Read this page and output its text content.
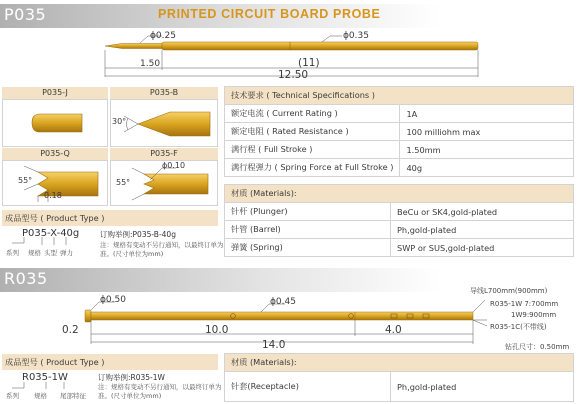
P035	PRINTED CIRCUIT BOARD PROBE
ϕ0.25	ϕ0.35
1.50	(11)
12.50
P035-J	P035-B
P035-Q	P035-F
30°
55°
0.18
ϕ0.10
55°
成品型号 ( Product Type )
P035-X-40g
系列 规格 头型 弹力
订购举例:P035-B-40g
注：规格有变动不另行通知，以最终订单为
准。(尺寸单位为mm)
技术要求 ( Technical Specifications )	
额定电流 ( Current Rating )	1A
额定电阻 ( Rated Resistance )	100 milliohm max
满行程 ( Full Stroke )	1.50mm
满行程弹力 ( Spring Force at Full Stroke )	40g
材质 (Materials):	
针杆 (Plunger)	BeCu or SK4,gold-plated
针管 (Barrel)	Ph,gold-plated
弹簧 (Spring)	SWP or SUS,gold-plated
R035
ϕ0.50	ϕ0.45
0.2	10.0	4.0
14.0
导线L700mm(900mm)
R035-1W 7:700mm
1W9:900mm
R035-1C(不带线)
钻孔尺寸：0.50mm
成品型号 ( Product Type )
R035-1W
系列 规格 尾部特征
订购举例:R035-1W
注：规格有变动不另行通知，以最终订单为
准。(尺寸单位为mm)
材质 (Materials):
针套(Receptacle)	Ph,gold-plated
